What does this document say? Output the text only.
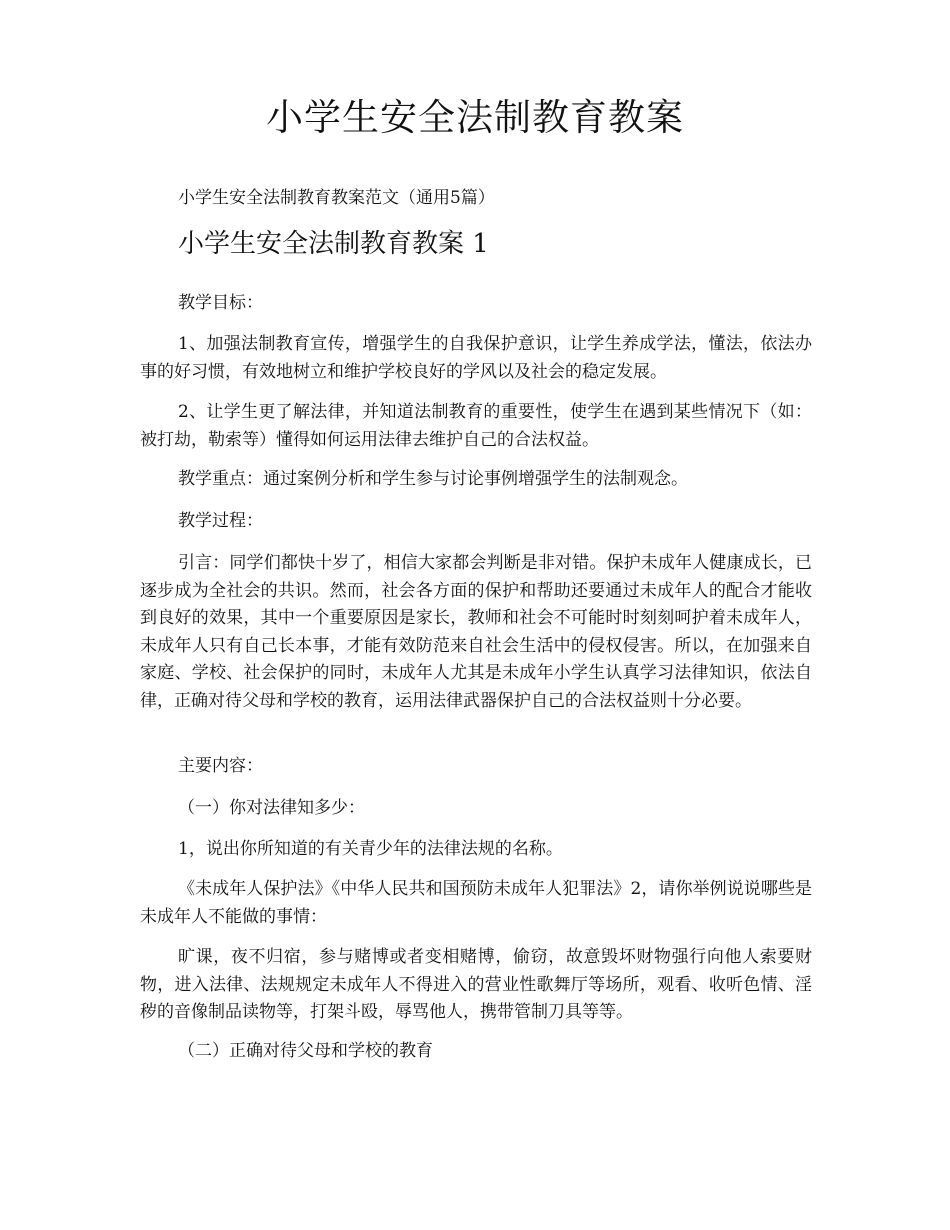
小学生安全法制教育教案

小学生安全法制教育教案范文（通用5篇）

小学生安全法制教育教案 1

教学目标：

1、加强法制教育宣传，增强学生的自我保护意识，让学生养成学法，懂法，依法办事的好习惯，有效地树立和维护学校良好的学风以及社会的稳定发展。

2、让学生更了解法律，并知道法制教育的重要性，使学生在遇到某些情况下（如：被打劫，勒索等）懂得如何运用法律去维护自己的合法权益。

教学重点：通过案例分析和学生参与讨论事例增强学生的法制观念。

教学过程：

引言：同学们都快十岁了，相信大家都会判断是非对错。保护未成年人健康成长，已逐步成为全社会的共识。然而，社会各方面的保护和帮助还要通过未成年人的配合才能收到良好的效果，其中一个重要原因是家长，教师和社会不可能时时刻刻呵护着未成年人，未成年人只有自己长本事，才能有效防范来自社会生活中的侵权侵害。所以，在加强来自家庭、学校、社会保护的同时，未成年人尤其是未成年小学生认真学习法律知识，依法自律，正确对待父母和学校的教育，运用法律武器保护自己的合法权益则十分必要。

主要内容：

（一）你对法律知多少：

1，说出你所知道的有关青少年的法律法规的名称。

《未成年人保护法》《中华人民共和国预防未成年人犯罪法》2，请你举例说说哪些是未成年人不能做的事情：

旷课，夜不归宿，参与赌博或者变相赌博，偷窃，故意毁坏财物强行向他人索要财物，进入法律、法规规定未成年人不得进入的营业性歌舞厅等场所，观看、收听色情、淫秽的音像制品读物等，打架斗殴，辱骂他人，携带管制刀具等等。

（二）正确对待父母和学校的教育
